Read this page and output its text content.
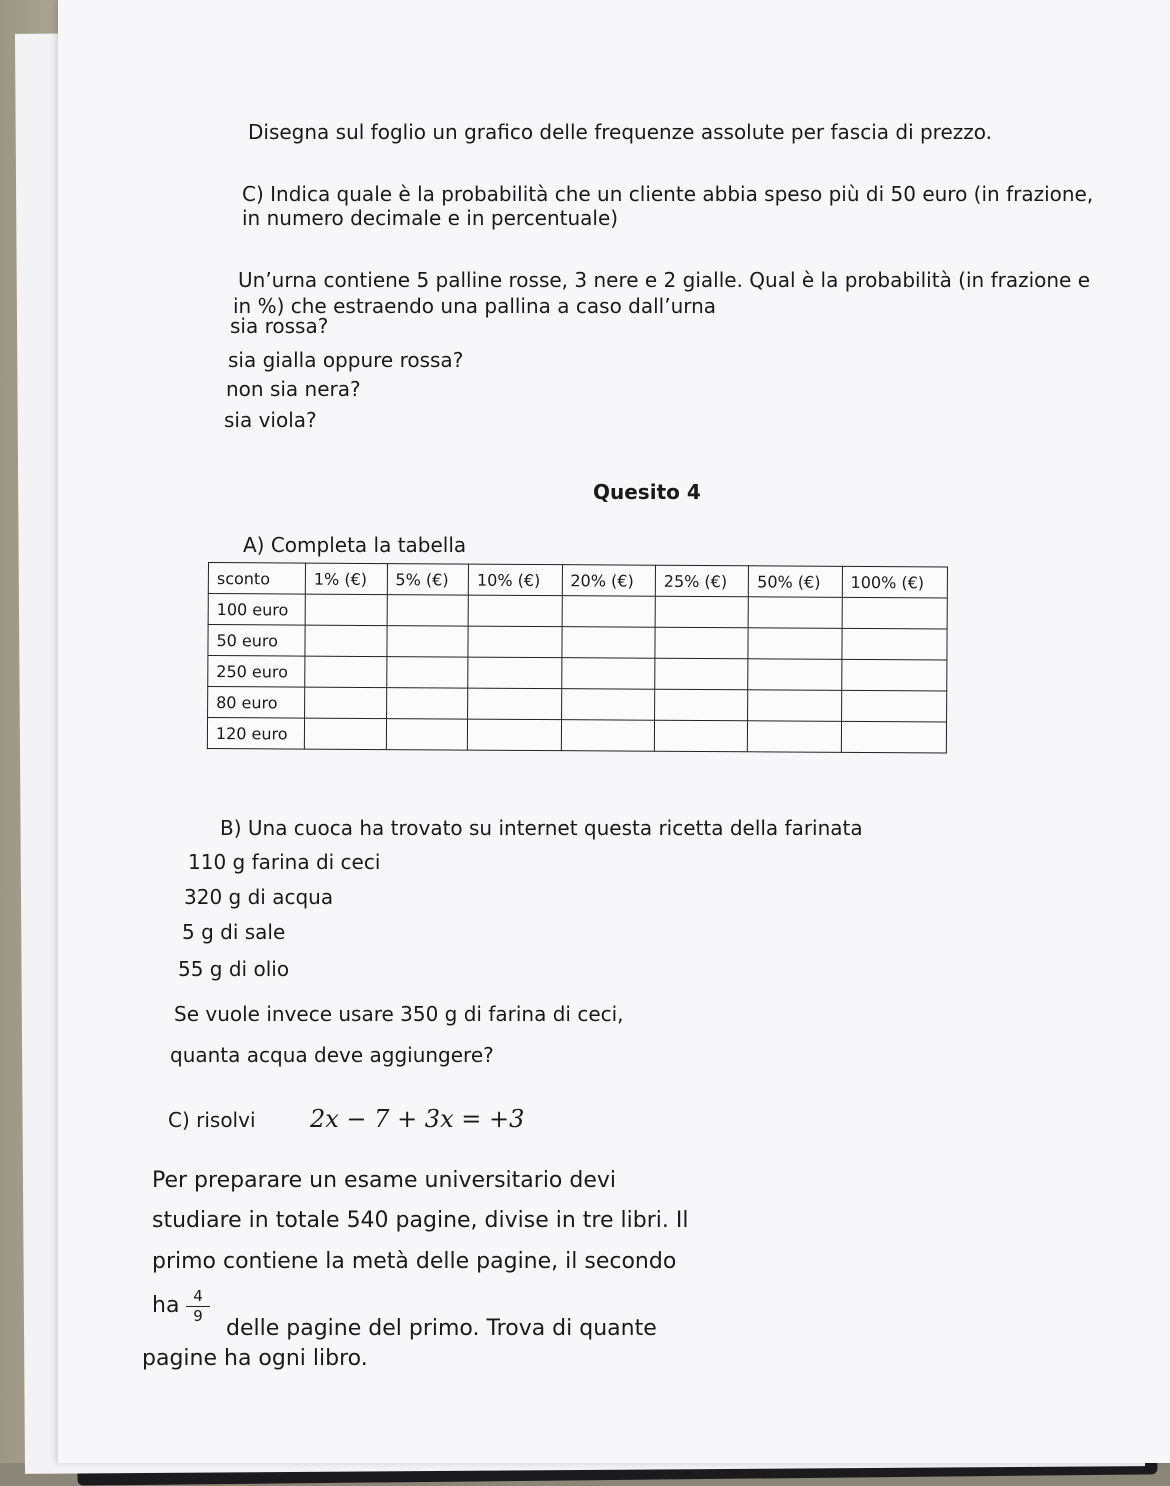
Disegna sul foglio un grafico delle frequenze assolute per fascia di prezzo.
C) Indica quale è la probabilità che un cliente abbia speso più di 50 euro (in frazione,
in numero decimale e in percentuale)
Un’urna contiene 5 palline rosse, 3 nere e 2 gialle. Qual è la probabilità (in frazione e
in %) che estraendo una pallina a caso dall’urna
sia rossa?
sia gialla oppure rossa?
non sia nera?
sia viola?
Quesito 4
A) Completa la tabella
sconto	1% (€)	5% (€)	10% (€)	20% (€)	25% (€)	50% (€)	100% (€)
100 euro							
50 euro							
250 euro							
80 euro							
120 euro							
B) Una cuoca ha trovato su internet questa ricetta della farinata
110 g farina di ceci
320 g di acqua
5 g di sale
55 g di olio
Se vuole invece usare 350 g di farina di ceci,
quanta acqua deve aggiungere?
C) risolvi 2x − 7 + 3x = +3
Per preparare un esame universitario devi
studiare in totale 540 pagine, divise in tre libri. Il
primo contiene la metà delle pagine, il secondo
ha 4
9	delle pagine del primo. Trova di quante
pagine ha ogni libro.
